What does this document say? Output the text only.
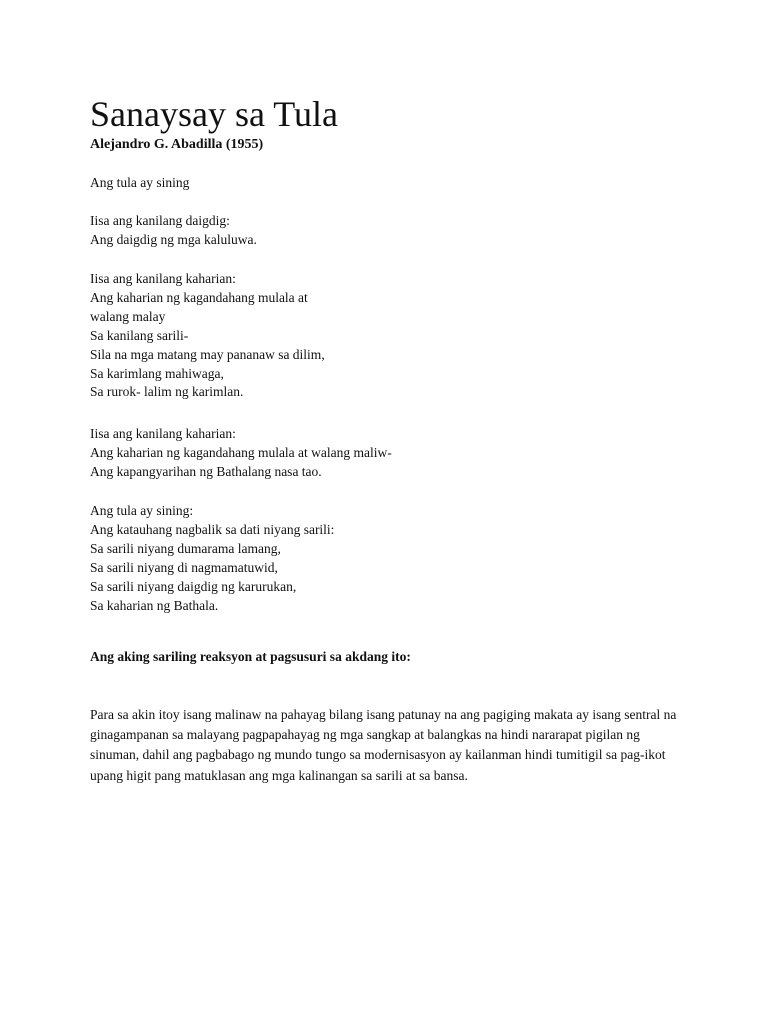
Sanaysay sa Tula

Alejandro G. Abadilla (1955)

Ang tula ay sining
Iisa ang kanilang daigdig:
Ang daigdig ng mga kaluluwa.
Iisa ang kanilang kaharian:
Ang kaharian ng kagandahang mulala at
walang malay
Sa kanilang sarili-
Sila na mga matang may pananaw sa dilim,
Sa karimlang mahiwaga,
Sa rurok- lalim ng karimlan.
Iisa ang kanilang kaharian:
Ang kaharian ng kagandahang mulala at walang maliw-
Ang kapangyarihan ng Bathalang nasa tao.
Ang tula ay sining:
Ang katauhang nagbalik sa dati niyang sarili:
Sa sarili niyang dumarama lamang,
Sa sarili niyang di nagmamatuwid,
Sa sarili niyang daigdig ng karurukan,
Sa kaharian ng Bathala.

Ang aking sariling reaksyon at pagsusuri sa akdang ito:

Para sa akin itoy isang malinaw na pahayag bilang isang patunay na ang pagiging makata ay isang sentral na ginagampanan sa malayang pagpapahayag ng mga sangkap at balangkas na hindi nararapat pigilan ng sinuman, dahil ang pagbabago ng mundo tungo sa modernisasyon ay kailanman hindi tumitigil sa pag-ikot upang higit pang matuklasan ang mga kalinangan sa sarili at sa bansa.
